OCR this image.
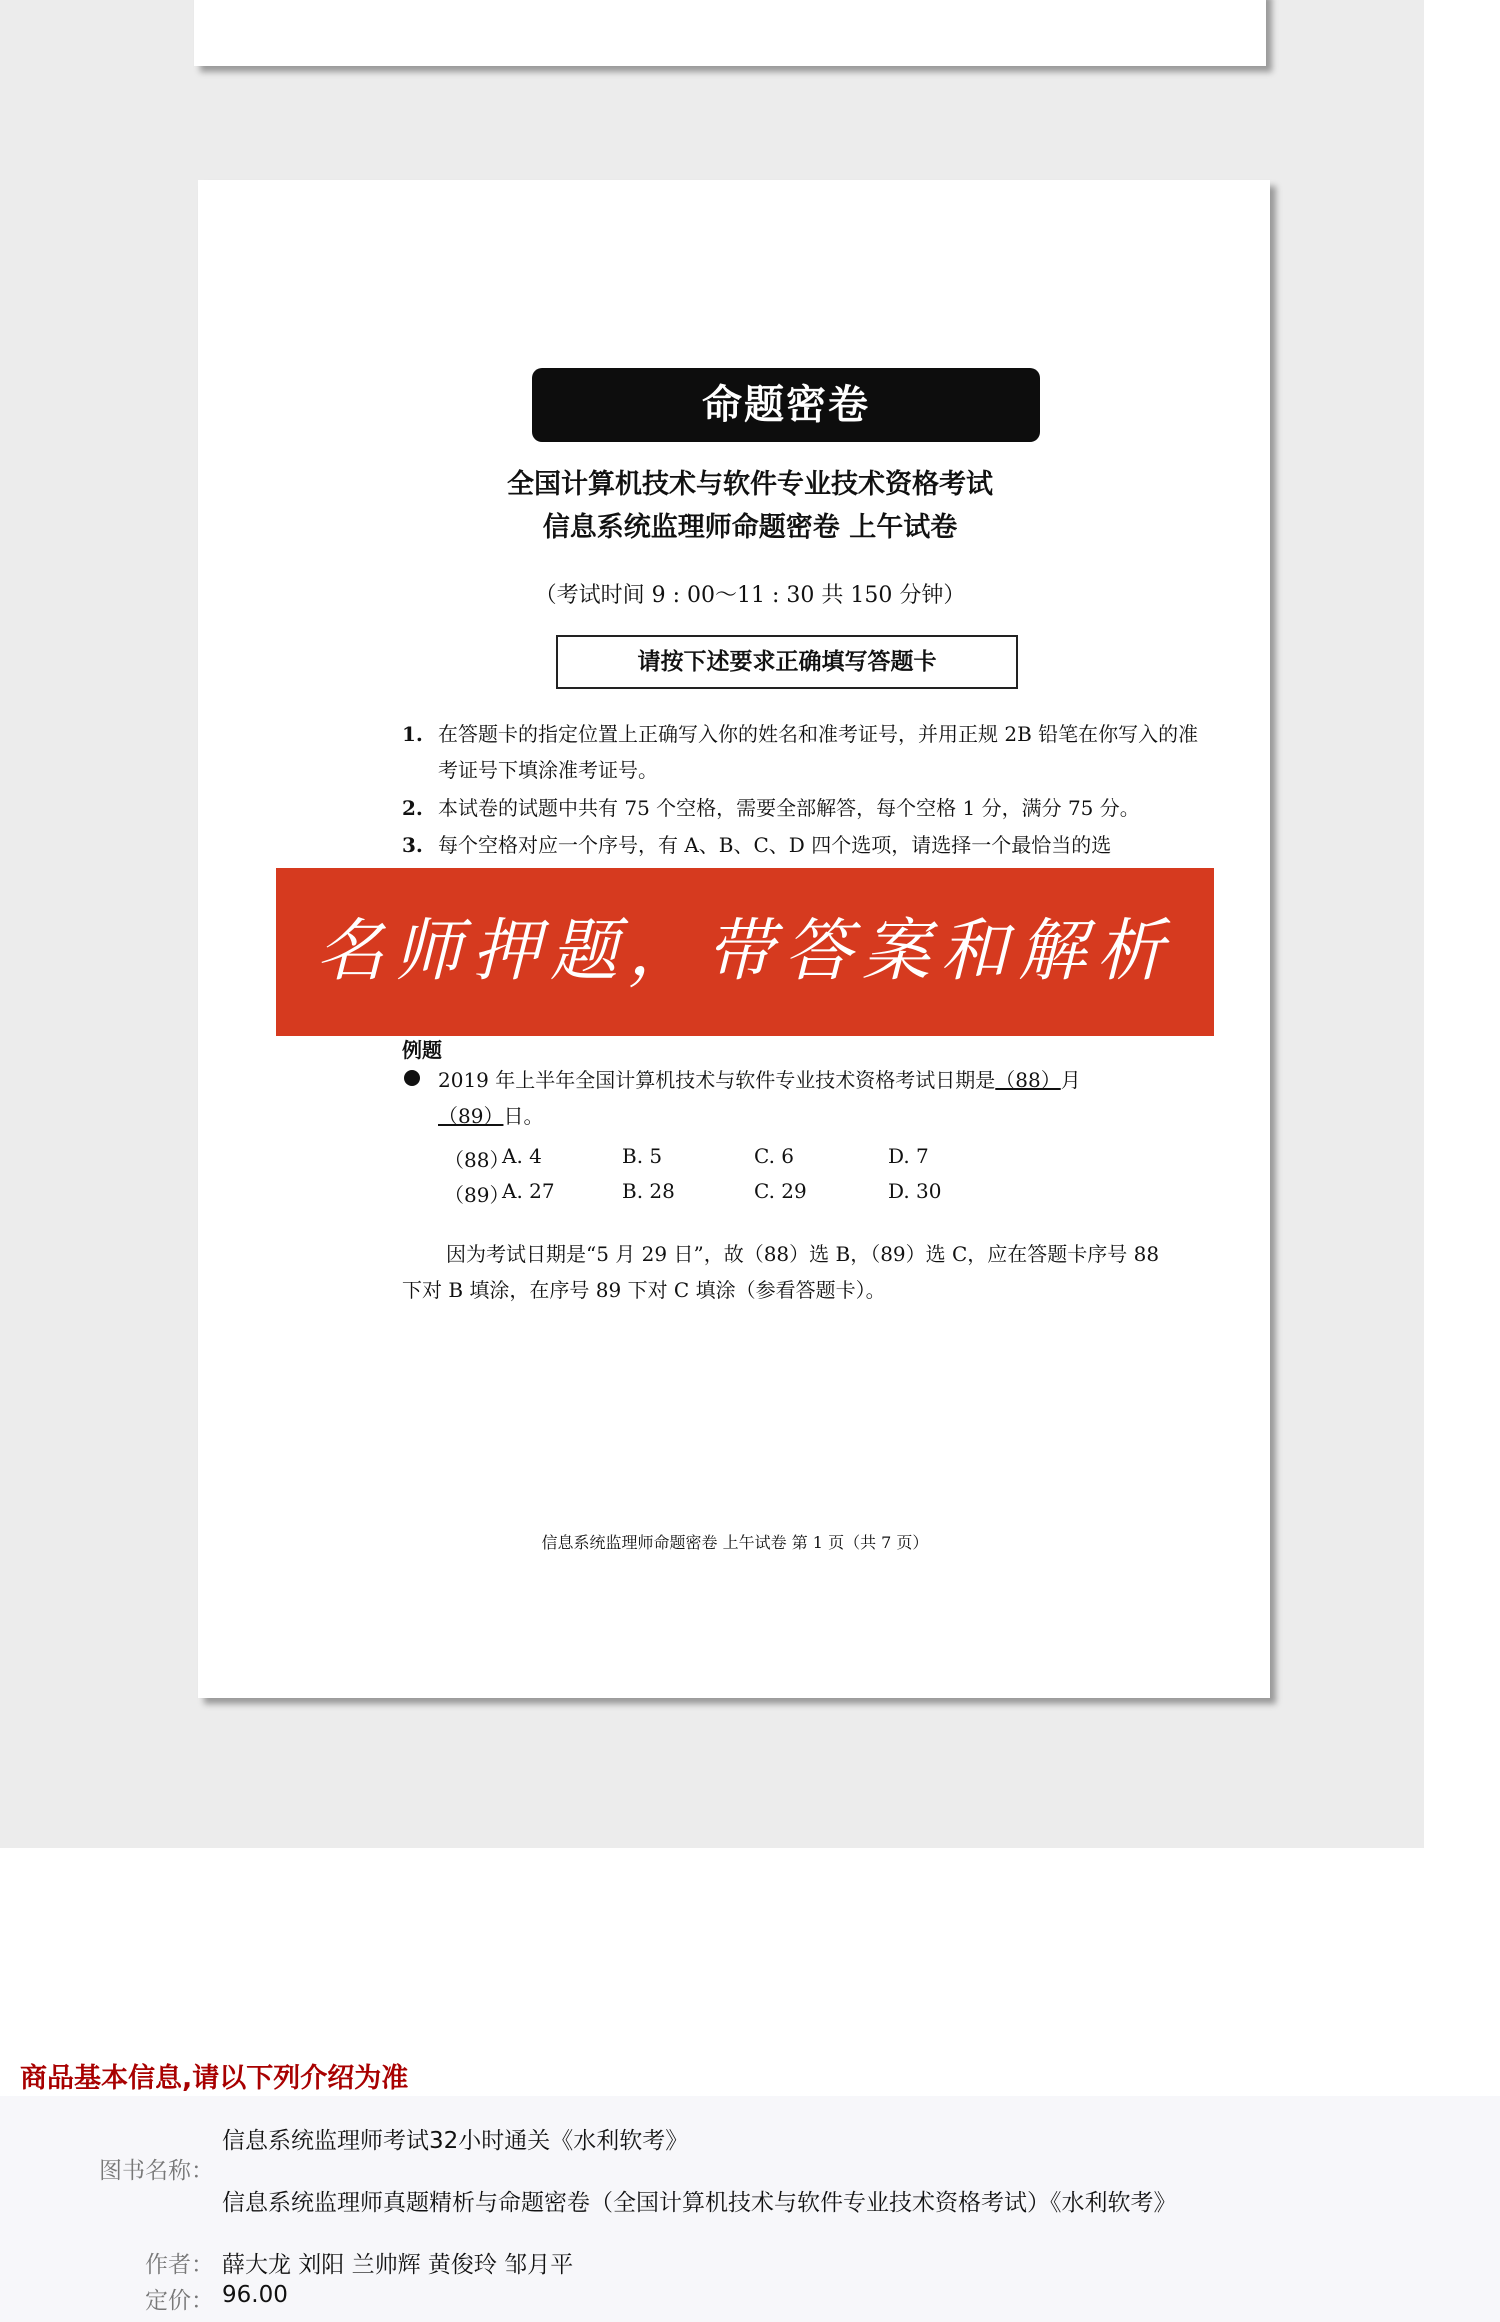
命题密卷
全国计算机技术与软件专业技术资格考试
信息系统监理师命题密卷 上午试卷
（考试时间 9 : 00～11 : 30 共 150 分钟）
请按下述要求正确填写答题卡
1. 在答题卡的指定位置上正确写入你的姓名和准考证号，并用正规 2B 铅笔在你写入的准考证号下填涂准考证号。
2. 本试卷的试题中共有 75 个空格，需要全部解答，每个空格 1 分，满分 75 分。
3. 每个空格对应一个序号，有 A、B、C、D 四个选项，请选择一个最恰当的选
名师押题，带答案和解析
例题
2019 年上半年全国计算机技术与软件专业技术资格考试日期是（88）月
（89）日。
（88）
A. 4	B. 5	C. 6	D. 7
（89）
A. 27	B. 28	C. 29	D. 30
因为考试日期是“5 月 29 日”，故（88）选 B，（89）选 C，应在答题卡序号 88 下对 B 填涂，在序号 89 下对 C 填涂（参看答题卡）。
信息系统监理师命题密卷 上午试卷 第 1 页（共 7 页）
商品基本信息,请以下列介绍为准
图书名称：
信息系统监理师考试32小时通关《水利软考》
信息系统监理师真题精析与命题密卷（全国计算机技术与软件专业技术资格考试）《水利软考》
作者： 薛大龙 刘阳 兰帅辉 黄俊玲 邹月平
定价： 96.00
